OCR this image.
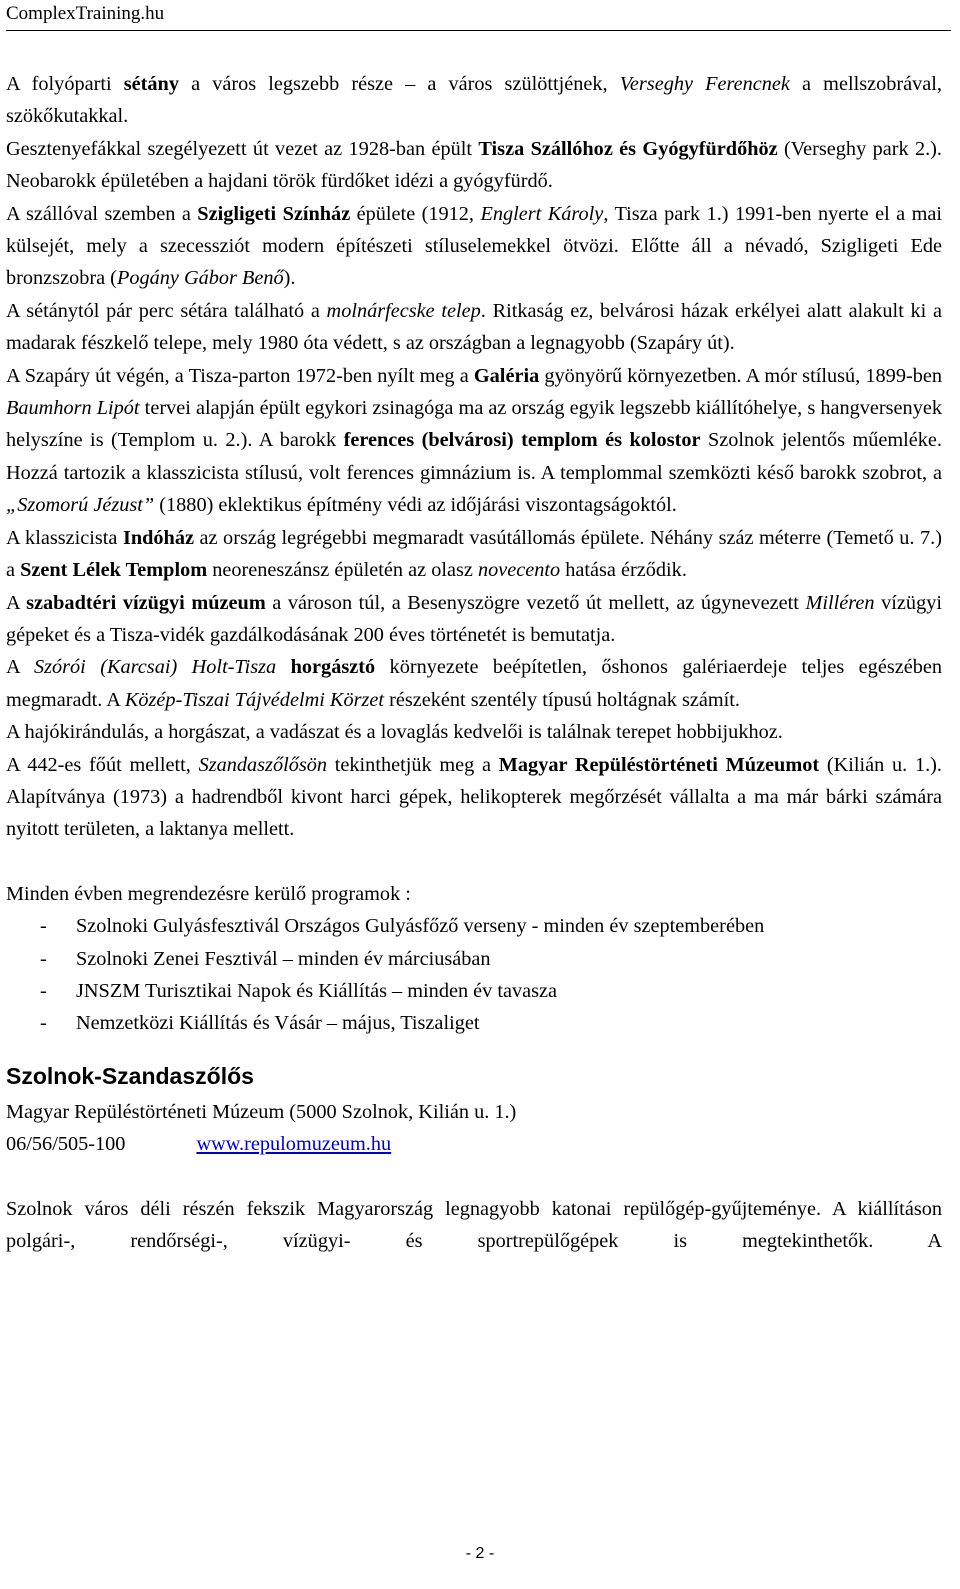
ComplexTraining.hu

A folyóparti sétány a város legszebb része – a város szülöttjének, Verseghy Ferencnek a mellszobrával, szökőkutakkal.

Gesztenyefákkal szegélyezett út vezet az 1928-ban épült Tisza Szállóhoz és Gyógyfürdőhöz (Verseghy park 2.). Neobarokk épületében a hajdani török fürdőket idézi a gyógyfürdő.

A szállóval szemben a Szigligeti Színház épülete (1912, Englert Károly, Tisza park 1.) 1991-ben nyerte el a mai külsejét, mely a szecessziót modern építészeti stíluselemekkel ötvözi. Előtte áll a névadó, Szigligeti Ede bronzszobra (Pogány Gábor Benő).

A sétánytól pár perc sétára található a molnárfecske telep. Ritkaság ez, belvárosi házak erkélyei alatt alakult ki a madarak fészkelő telepe, mely 1980 óta védett, s az országban a legnagyobb (Szapáry út).

A Szapáry út végén, a Tisza-parton 1972-ben nyílt meg a Galéria gyönyörű környezetben. A mór stílusú, 1899-ben Baumhorn Lipót tervei alapján épült egykori zsinagóga ma az ország egyik legszebb kiállítóhelye, s hangversenyek helyszíne is (Templom u. 2.). A barokk ferences (belvárosi) templom és kolostor Szolnok jelentős műemléke. Hozzá tartozik a klasszicista stílusú, volt ferences gimnázium is. A templommal szemközti késő barokk szobrot, a „Szomorú Jézust” (1880) eklektikus építmény védi az időjárási viszontagságoktól.

A klasszicista Indóház az ország legrégebbi megmaradt vasútállomás épülete. Néhány száz méterre (Temető u. 7.) a Szent Lélek Templom neoreneszánsz épületén az olasz novecento hatása érződik.

A szabadtéri vízügyi múzeum a városon túl, a Besenyszögre vezető út mellett, az úgynevezett Milléren vízügyi gépeket és a Tisza-vidék gazdálkodásának 200 éves történetét is bemutatja.

A Szórói (Karcsai) Holt-Tisza horgásztó környezete beépítetlen, őshonos galériaerdeje teljes egészében megmaradt. A Közép-Tiszai Tájvédelmi Körzet részeként szentély típusú holtágnak számít.

A hajókirándulás, a horgászat, a vadászat és a lovaglás kedvelői is találnak terepet hobbijukhoz.

A 442-es főút mellett, Szandaszőlősön tekinthetjük meg a Magyar Repüléstörténeti Múzeumot (Kilián u. 1.). Alapítványa (1973) a hadrendből kivont harci gépek, helikopterek megőrzését vállalta a ma már bárki számára nyitott területen, a laktanya mellett.

Minden évben megrendezésre kerülő programok :

- Szolnoki Gulyásfesztivál Országos Gulyásfőző verseny - minden év szeptemberében
- Szolnoki Zenei Fesztivál – minden év márciusában
- JNSZM Turisztikai Napok és Kiállítás – minden év tavasza
- Nemzetközi Kiállítás és Vásár – május, Tiszaliget
Szolnok-Szandaszőlős

Magyar Repüléstörténeti Múzeum (5000 Szolnok, Kilián u. 1.)

06/56/505-100	www.repulomuzeum.hu

Szolnok város déli részén fekszik Magyarország legnagyobb katonai repülőgép-gyűjteménye. A kiállításon polgári-, rendőrségi-, vízügyi- és sportrepülőgépek is megtekinthetők. A

- 2 -
